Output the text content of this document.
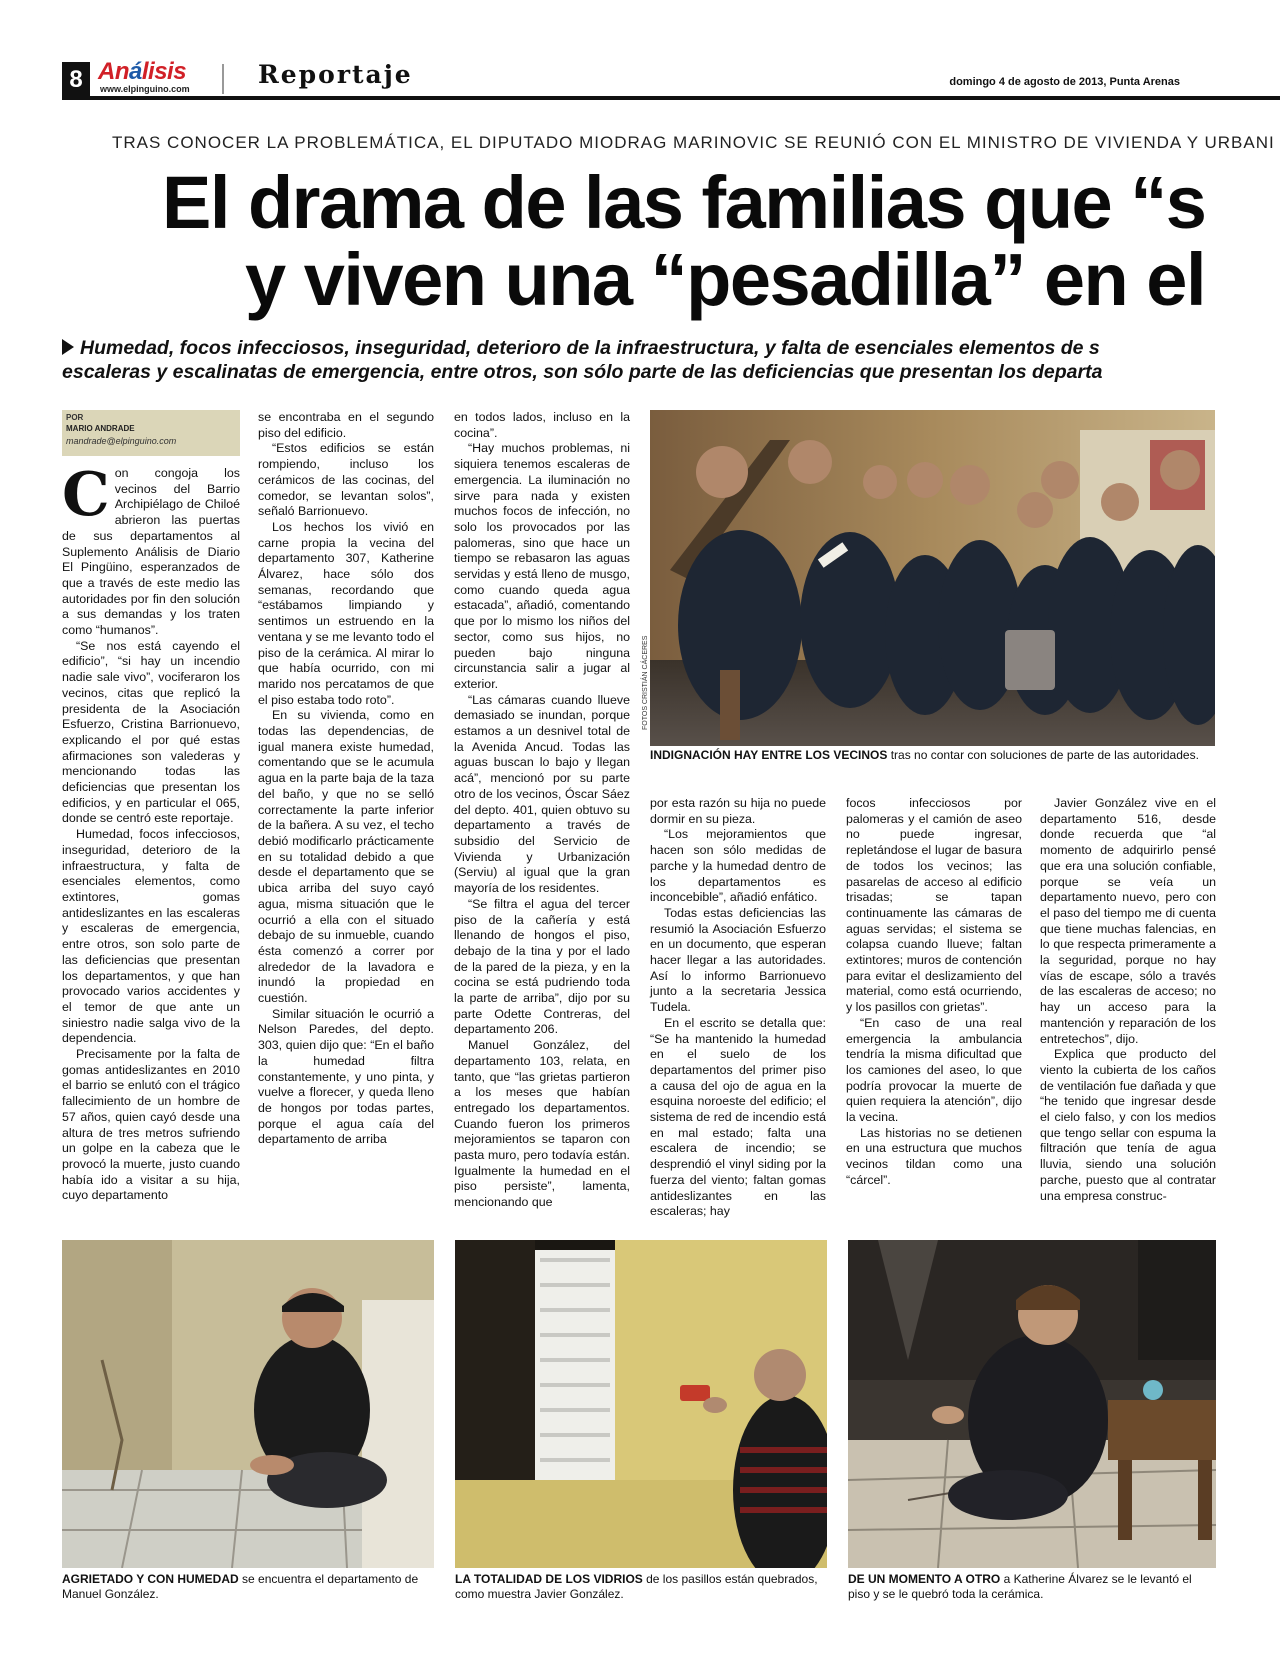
8 Análisis
www.elpinguino.com	Reportaje	domingo 4 de agosto de 2013, Punta Arenas
TRAS CONOCER LA PROBLEMÁTICA, EL DIPUTADO MIODRAG MARINOVIC SE REUNIÓ CON EL MINISTRO DE VIVIENDA Y URBANI
El drama de las familias que “s
y viven una “pesadilla” en el
Humedad, focos infecciosos, inseguridad, deterioro de la infraestructura, y falta de esenciales elementos de s
escaleras y escalinatas de emergencia, entre otros, son sólo parte de las deficiencias que presentan los departa
POR
MARIO ANDRADE
mandrade@elpinguino.com

Con congoja los vecinos del Barrio Archipiélago de Chiloé abrieron las puertas de sus departamentos al Suplemento Análisis de Diario El Pingüino, esperanzados de que a través de este medio las autoridades por fin den solución a sus demandas y los traten como “humanos”.

“Se nos está cayendo el edificio”, “si hay un incendio nadie sale vivo”, vociferaron los vecinos, citas que replicó la presidenta de la Asociación Esfuerzo, Cristina Barrionuevo, explicando el por qué estas afirmaciones son valederas y mencionando todas las deficiencias que presentan los edificios, y en particular el 065, donde se centró este reportaje.

Humedad, focos infecciosos, inseguridad, deterioro de la infraestructura, y falta de esenciales elementos, como extintores, gomas antideslizantes en las escaleras y escaleras de emergencia, entre otros, son solo parte de las deficiencias que presentan los departamentos, y que han provocado varios accidentes y el temor de que ante un siniestro nadie salga vivo de la dependencia.

Precisamente por la falta de gomas antideslizantes en 2010 el barrio se enlutó con el trágico fallecimiento de un hombre de 57 años, quien cayó desde una altura de tres metros sufriendo un golpe en la cabeza que le provocó la muerte, justo cuando había ido a visitar a su hija, cuyo departamento

se encontraba en el segundo piso del edificio.

“Estos edificios se están rompiendo, incluso los cerámicos de las cocinas, del comedor, se levantan solos”, señaló Barrionuevo.

Los hechos los vivió en carne propia la vecina del departamento 307, Katherine Álvarez, hace sólo dos semanas, recordando que “estábamos limpiando y sentimos un estruendo en la ventana y se me levanto todo el piso de la cerámica. Al mirar lo que había ocurrido, con mi marido nos percatamos de que el piso estaba todo roto”.

En su vivienda, como en todas las dependencias, de igual manera existe humedad, comentando que se le acumula agua en la parte baja de la taza del baño, y que no se selló correctamente la parte inferior de la bañera. A su vez, el techo debió modificarlo prácticamente en su totalidad debido a que desde el departamento que se ubica arriba del suyo cayó agua, misma situación que le ocurrió a ella con el situado debajo de su inmueble, cuando ésta comenzó a correr por alrededor de la lavadora e inundó la propiedad en cuestión.

Similar situación le ocurrió a Nelson Paredes, del depto. 303, quien dijo que: “En el baño la humedad filtra constantemente, y uno pinta, y vuelve a florecer, y queda lleno de hongos por todas partes, porque el agua caía del departamento de arriba

en todos lados, incluso en la cocina”.

“Hay muchos problemas, ni siquiera tenemos escaleras de emergencia. La iluminación no sirve para nada y existen muchos focos de infección, no solo los provocados por las palomeras, sino que hace un tiempo se rebasaron las aguas servidas y está lleno de musgo, como cuando queda agua estacada”, añadió, comentando que por lo mismo los niños del sector, como sus hijos, no pueden bajo ninguna circunstancia salir a jugar al exterior.

“Las cámaras cuando llueve demasiado se inundan, porque estamos a un desnivel total de la Avenida Ancud. Todas las aguas buscan lo bajo y llegan acá”, mencionó por su parte otro de los vecinos, Óscar Sáez del depto. 401, quien obtuvo su departamento a través de subsidio del Servicio de Vivienda y Urbanización (Serviu) al igual que la gran mayoría de los residentes.

“Se filtra el agua del tercer piso de la cañería y está llenando de hongos el piso, debajo de la tina y por el lado de la pared de la pieza, y en la cocina se está pudriendo toda la parte de arriba”, dijo por su parte Odette Contreras, del departamento 206.

Manuel González, del departamento 103, relata, en tanto, que “las grietas partieron a los meses que habían entregado los departamentos. Cuando fueron los primeros mejoramientos se taparon con pasta muro, pero todavía están. Igualmente la humedad en el piso persiste”, lamenta, mencionando que

FOTOS CRISTIÁN CÁCERES
INDIGNACIÓN HAY ENTRE LOS VECINOS tras no contar con soluciones de parte de las autoridades.

por esta razón su hija no puede dormir en su pieza.

“Los mejoramientos que hacen son sólo medidas de parche y la humedad dentro de los departamentos es inconcebible”, añadió enfático.

Todas estas deficiencias las resumió la Asociación Esfuerzo en un documento, que esperan hacer llegar a las autoridades. Así lo informo Barrionuevo junto a la secretaria Jessica Tudela.

En el escrito se detalla que: “Se ha mantenido la humedad en el suelo de los departamentos del primer piso a causa del ojo de agua en la esquina noroeste del edificio; el sistema de red de incendio está en mal estado; falta una escalera de incendio; se desprendió el vinyl siding por la fuerza del viento; faltan gomas antideslizantes en las escaleras; hay

focos infecciosos por palomeras y el camión de aseo no puede ingresar, repletándose el lugar de basura de todos los vecinos; las pasarelas de acceso al edificio trisadas; se tapan continuamente las cámaras de aguas servidas; el sistema se colapsa cuando llueve; faltan extintores; muros de contención para evitar el deslizamiento del material, como está ocurriendo, y los pasillos con grietas”.

“En caso de una real emergencia la ambulancia tendría la misma dificultad que los camiones del aseo, lo que podría provocar la muerte de quien requiera la atención”, dijo la vecina.

Las historias no se detienen en una estructura que muchos vecinos tildan como una “cárcel”.

Javier González vive en el departamento 516, desde donde recuerda que “al momento de adquirirlo pensé que era una solución confiable, porque se veía un departamento nuevo, pero con el paso del tiempo me di cuenta que tiene muchas falencias, en lo que respecta primeramente a la seguridad, porque no hay vías de escape, sólo a través de las escaleras de acceso; no hay un acceso para la mantención y reparación de los entretechos”, dijo.

Explica que producto del viento la cubierta de los caños de ventilación fue dañada y que “he tenido que ingresar desde el cielo falso, y con los medios que tengo sellar con espuma la filtración que tenía de agua lluvia, siendo una solución parche, puesto que al contratar una empresa construc-

AGRIETADO Y CON HUMEDAD se encuentra el departamento de Manuel González.
LA TOTALIDAD DE LOS VIDRIOS de los pasillos están quebrados, como muestra Javier González.
DE UN MOMENTO A OTRO a Katherine Álvarez se le levantó el piso y se le quebró toda la cerámica.
